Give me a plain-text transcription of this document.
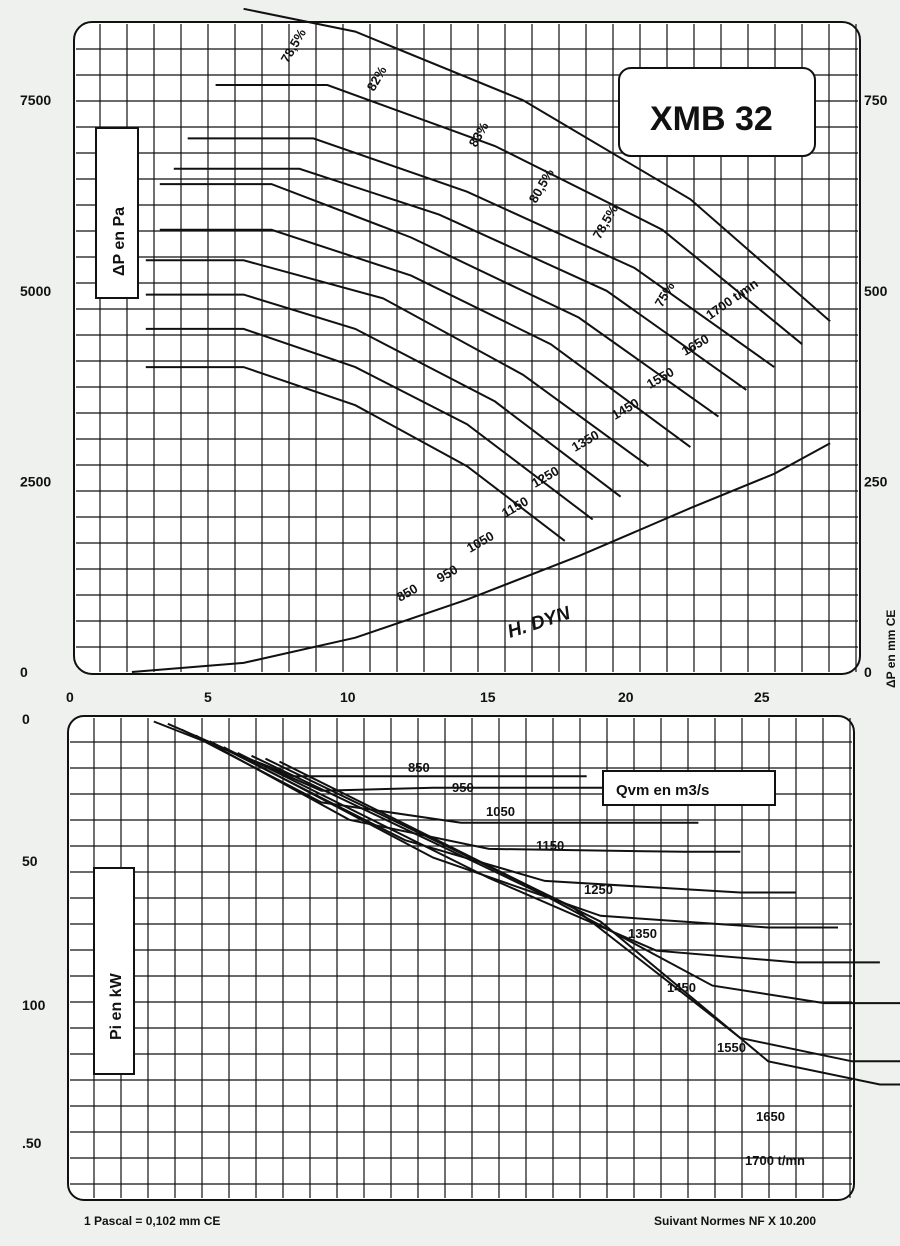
XMB 32
ΔP en Pa
ΔP en mm CE
Qvm en m3/s
Pi en kW
H. DYN
0
2500
5000
7500
0
250
500
750
0	5	10	15	20	25
0
50
100
.50
850
950
1050
1150
1250
1350
1450
1550
1650
1700 t/mn
850
950
1050
1150
1250
1350
1450
1550
1650
1700 t/mn
78,5%
82%
83%
80,5%
78,5%
75%
1 Pascal = 0,102 mm CE	Suivant Normes NF X 10.200
